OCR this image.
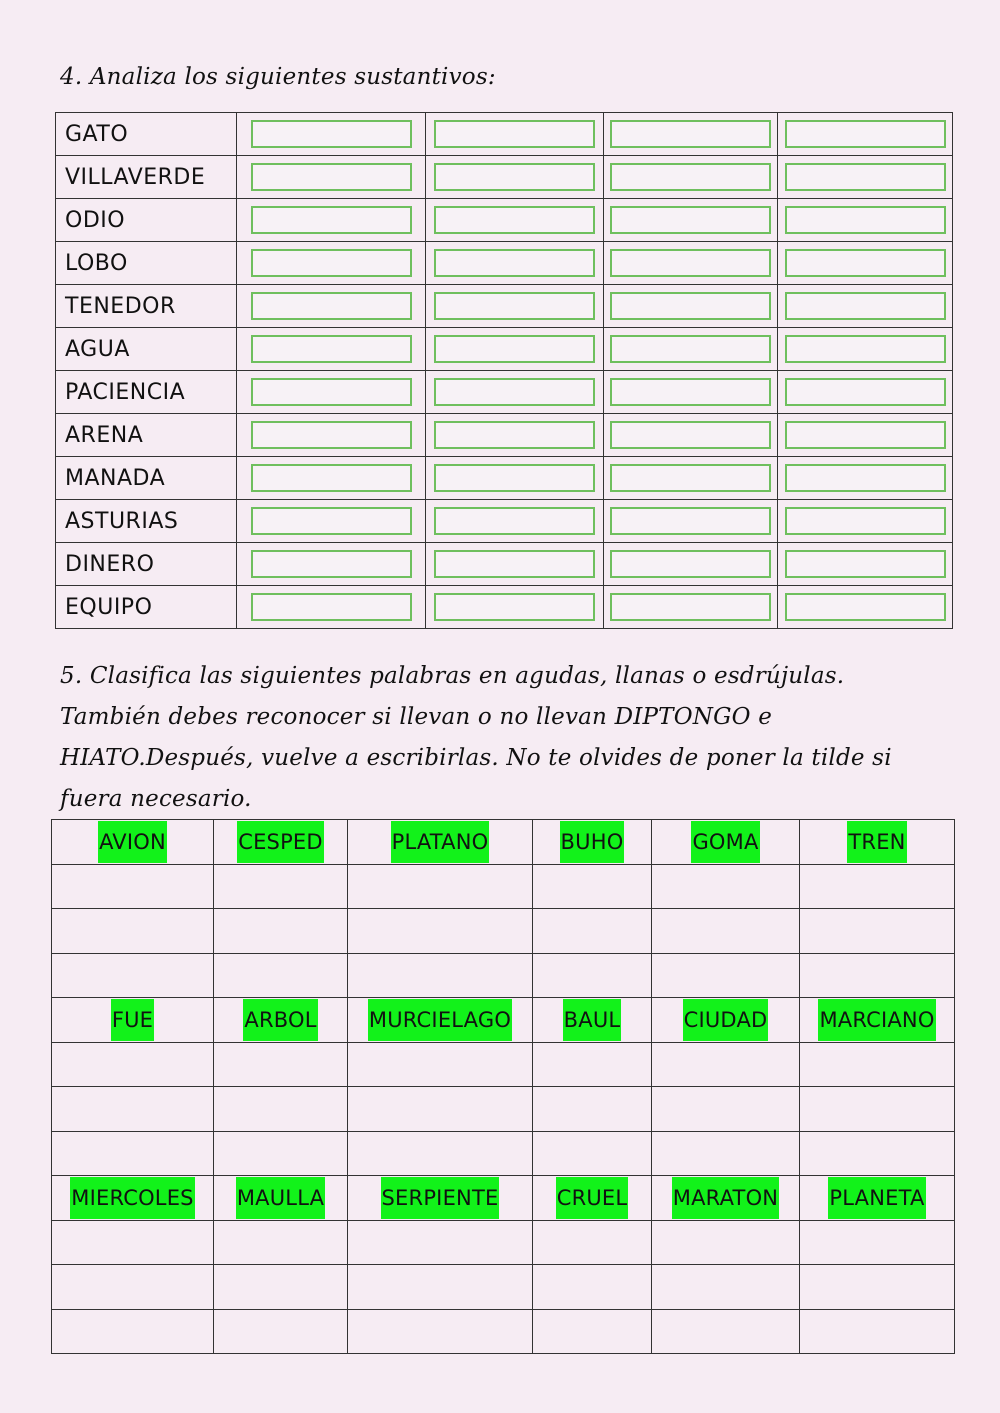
4. Analiza los siguientes sustantivos:
GATO	

VILLAVERDE	

ODIO	

LOBO	

TENEDOR	

AGUA	

PACIENCIA	

ARENA	

MANADA	

ASTURIAS	

DINERO	

EQUIPO	

5. Clasifica las siguientes palabras en agudas, llanas o esdrújulas. También debes reconocer si llevan o no llevan DIPTONGO e HIATO.Después, vuelve a escribirlas. No te olvides de poner la tilde si fuera necesario.
AVION	CESPED	PLATANO	BUHO	GOMA	TREN

FUE	ARBOL	MURCIELAGO	BAUL	CIUDAD	MARCIANO

MIERCOLES	MAULLA	SERPIENTE	CRUEL	MARATON	PLANETA
